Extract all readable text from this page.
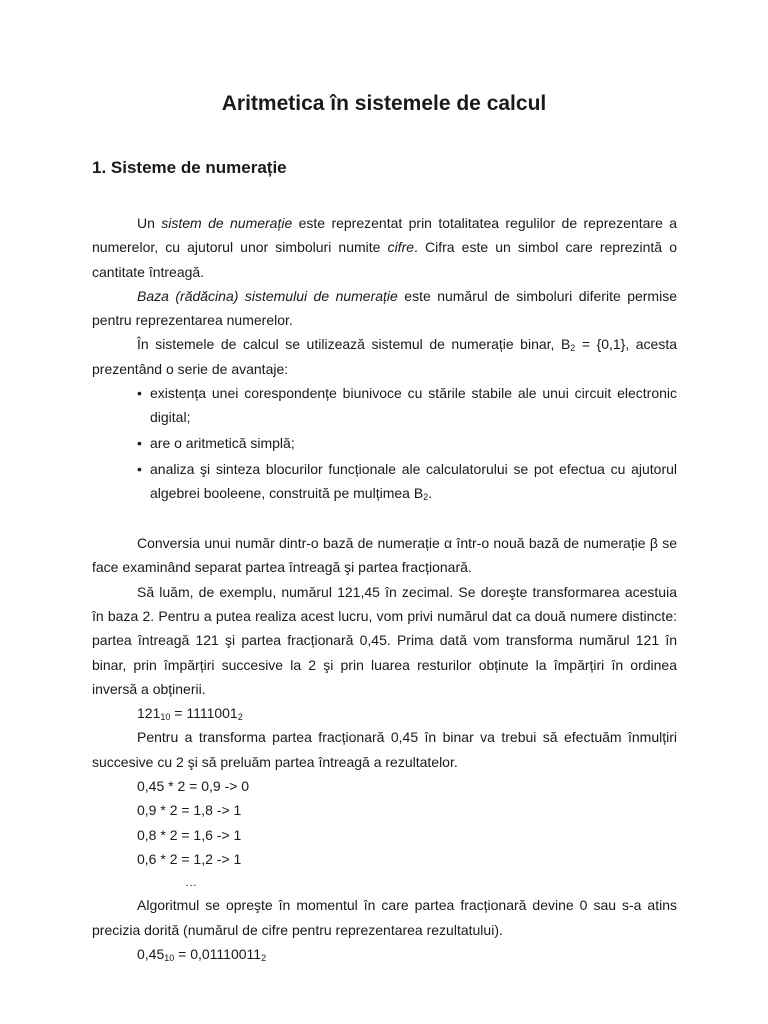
Aritmetica în sistemele de calcul
1. Sisteme de numerație

Un sistem de numerație este reprezentat prin totalitatea regulilor de reprezentare a numerelor, cu ajutorul unor simboluri numite cifre. Cifra este un simbol care reprezintă o cantitate întreagă.

Baza (rădăcina) sistemului de numerație este numărul de simboluri diferite permise pentru reprezentarea numerelor.

În sistemele de calcul se utilizează sistemul de numerație binar, $B_2 = \{0,1\}$, acesta prezentând o serie de avantaje:

• existența unei corespondențe biunivoce cu stările stabile ale unui circuit electronic digital;
• are o aritmetică simplă;
• analiza şi sinteza blocurilor funcționale ale calculatorului se pot efectua cu ajutorul algebrei booleene, construită pe mulțimea $B_2$.

Conversia unui număr dintr-o bază de numerație α într-o nouă bază de numerație β se face examinând separat partea întreagă şi partea fracționară.

Să luăm, de exemplu, numărul 121,45 în zecimal. Se doreşte transformarea acestuia în baza 2. Pentru a putea realiza acest lucru, vom privi numărul dat ca două numere distincte: partea întreagă 121 şi partea fracționară 0,45. Prima dată vom transforma numărul 121 în binar, prin împărțiri succesive la 2 şi prin luarea resturilor obținute la împărțiri în ordinea inversă a obținerii.

$121_{10} = 1111001_2$

Pentru a transforma partea fracționară 0,45 în binar va trebui să efectuăm înmulțiri succesive cu 2 şi să preluăm partea întreagă a rezultatelor.

0,45 * 2 = 0,9 -> 0

0,9 * 2 = 1,8 -> 1

0,8 * 2 = 1,6 -> 1

0,6 * 2 = 1,2 -> 1

…

Algoritmul se opreşte în momentul în care partea fracționară devine 0 sau s-a atins precizia dorită (numărul de cifre pentru reprezentarea rezultatului).

$0,45_{10} = 0,01110011_2$
